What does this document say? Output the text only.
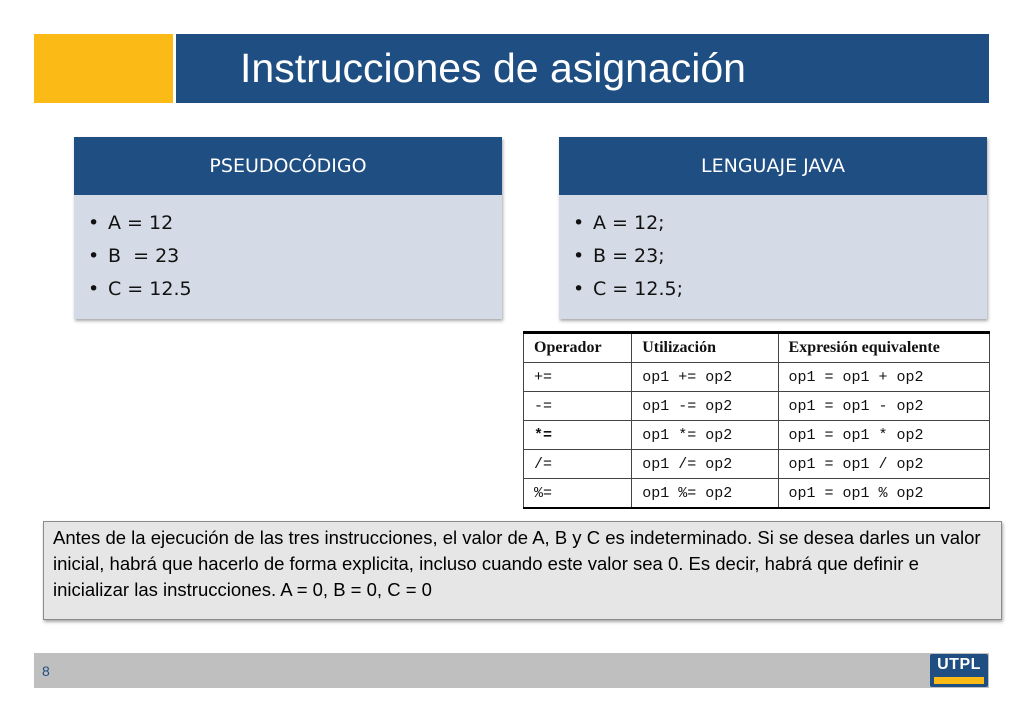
Instrucciones de asignación
PSEUDOCÓDIGO
• A = 12
• B  = 23
• C = 12.5
LENGUAJE JAVA
• A = 12;
• B = 23;
• C = 12.5;
Operador	Utilización	Expresión equivalente
+=	op1 += op2	op1 = op1 + op2
-=	op1 -= op2	op1 = op1 - op2
*=	op1 *= op2	op1 = op1 * op2
/=	op1 /= op2	op1 = op1 / op2
%=	op1 %= op2	op1 = op1 % op2
Antes de la ejecución de las tres instrucciones, el valor de A, B y C es indeterminado. Si se desea darles un valor inicial, habrá que hacerlo de forma explicita, incluso cuando este valor sea 0. Es decir, habrá que definir e inicializar las instrucciones. A = 0, B = 0, C = 0
8	UTPL
